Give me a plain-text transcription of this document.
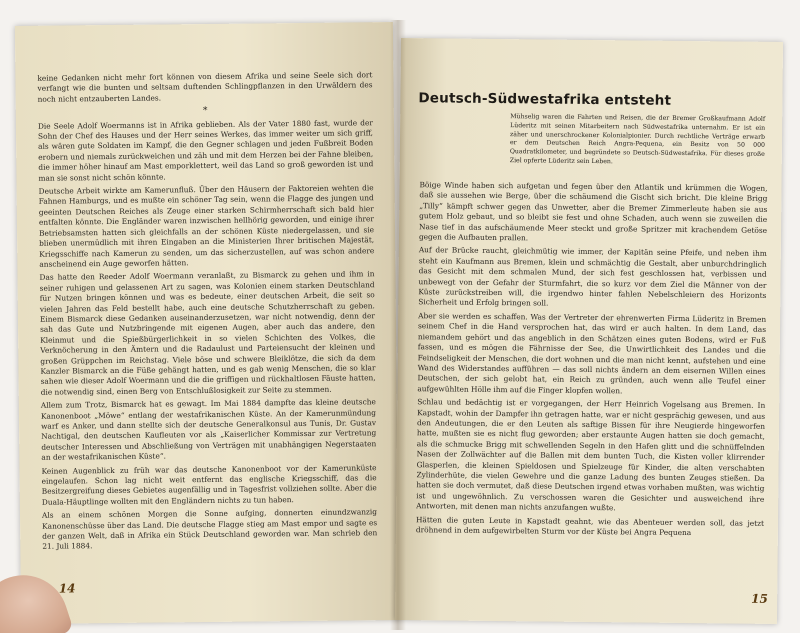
keine Gedanken nicht mehr fort können von diesem Afrika und seine Seele sich dort verfangt wie die bunten und seltsam duftenden Schlingpflanzen in den Urwäldern des noch nicht entzauberten Landes.

*

Die Seele Adolf Woermanns ist in Afrika geblieben. Als der Vater 1880 fast, wurde der Sohn der Chef des Hauses und der Herr seines Werkes, das immer weiter um sich griff, als wären gute Soldaten im Kampf, die den Gegner schlagen und jeden Fußbreit Boden erobern und niemals zurückweichen und zäh und mit dem Herzen bei der Fahne bleiben, die immer höher hinauf am Mast emporklettert, weil das Land so groß geworden ist und man sie sonst nicht schön könnte.

Deutsche Arbeit wirkte am Kamerunfluß. Über den Häusern der Faktoreien wehten die Fahnen Hamburgs, und es mußte ein schöner Tag sein, wenn die Flagge des jungen und geeinten Deutschen Reiches als Zeuge einer starken Schirmherrschaft sich bald hier entfalten könnte. Die Engländer waren inzwischen hellhörig geworden, und einige ihrer Betriebsamsten hatten sich gleichfalls an der schönen Küste niedergelassen, und sie blieben unermüdlich mit ihren Eingaben an die Ministerien Ihrer britischen Majestät, Kriegsschiffe nach Kamerun zu senden, um das sicherzustellen, auf was schon andere anscheinend ein Auge geworfen hätten.

Das hatte den Reeder Adolf Woermann veranlaßt, zu Bismarck zu gehen und ihm in seiner ruhigen und gelassenen Art zu sagen, was Kolonien einem starken Deutschland für Nutzen bringen können und was es bedeute, einer deutschen Arbeit, die seit so vielen Jahren das Feld bestellt habe, auch eine deutsche Schutzherrschaft zu geben. Einem Bismarck diese Gedanken auseinanderzusetzen, war nicht notwendig, denn der sah das Gute und Nutzbringende mit eigenen Augen, aber auch das andere, den Kleinmut und die Spießbürgerlichkeit in so vielen Schichten des Volkes, die Verknöcherung in den Ämtern und die Radaulust und Parteiensucht der kleinen und großen Grüppchen im Reichstag. Viele böse und schwere Bleiklötze, die sich da dem Kanzler Bismarck an die Füße gehängt hatten, und es gab wenig Menschen, die so klar sahen wie dieser Adolf Woermann und die die griffigen und rückhaltlosen Fäuste hatten, die notwendig sind, einen Berg von Entschlußlosigkeit zur Seite zu stemmen.

Allem zum Trotz, Bismarck hat es gewagt. Im Mai 1884 dampfte das kleine deutsche Kanonenboot „Möwe“ entlang der westafrikanischen Küste. An der Kamerunmündung warf es Anker, und dann stellte sich der deutsche Generalkonsul aus Tunis, Dr. Gustav Nachtigal, den deutschen Kaufleuten vor als „Kaiserlicher Kommissar zur Vertretung deutscher Interessen und Abschließung von Verträgen mit unabhängigen Negerstaaten an der westafrikanischen Küste“.

Keinen Augenblick zu früh war das deutsche Kanonenboot vor der Kamerunküste eingelaufen. Schon lag nicht weit entfernt das englische Kriegsschiff, das die Besitzergreifung dieses Gebietes augenfällig und in Tagesfrist vollziehen sollte. Aber die Duala-Häuptlinge wollten mit den Engländern nichts zu tun haben.

Als an einem schönen Morgen die Sonne aufging, donnerten einundzwanzig Kanonenschüsse über das Land. Die deutsche Flagge stieg am Mast empor und sagte es der ganzen Welt, daß in Afrika ein Stück Deutschland geworden war. Man schrieb den 21. Juli 1884.

14
Deutsch-Südwestafrika entsteht
Mühselig waren die Fahrten und Reisen, die der Bremer Großkaufmann Adolf Lüderitz mit seinen Mitarbeitern nach Südwestafrika unternahm. Er ist ein zäher und unerschrockener Kolonialpionier. Durch rechtliche Verträge erwarb er dem Deutschen Reich Angra-Pequena, ein Besitz von 50 000 Quadratkilometer, und begründete so Deutsch-Südwestafrika. Für dieses große Ziel opferte Lüderitz sein Leben.

Böige Winde haben sich aufgetan und fegen über den Atlantik und krümmen die Wogen, daß sie aussehen wie Berge, über die schäumend die Gischt sich bricht. Die kleine Brigg „Tilly“ kämpft schwer gegen das Unwetter, aber die Bremer Zimmerleute haben sie aus gutem Holz gebaut, und so bleibt sie fest und ohne Schaden, auch wenn sie zuweilen die Nase tief in das aufschäumende Meer steckt und große Spritzer mit krachendem Getöse gegen die Aufbauten prallen.

Auf der Brücke raucht, gleichmütig wie immer, der Kapitän seine Pfeife, und neben ihm steht ein Kaufmann aus Bremen, klein und schmächtig die Gestalt, aber unburchdringlich das Gesicht mit dem schmalen Mund, der sich fest geschlossen hat, verbissen und unbewegt von der Gefahr der Sturmfahrt, die so kurz vor dem Ziel die Männer von der Küste zurückstreiben will, die irgendwo hinter fahlen Nebelschleiern des Horizonts Sicherheit und Erfolg bringen soll.

Aber sie werden es schaffen. Was der Vertreter der ehrenwerten Firma Lüderitz in Bremen seinem Chef in die Hand versprochen hat, das wird er auch halten. In dem Land, das niemandem gehört und das angeblich in den Schätzen eines guten Bodens, wird er Fuß fassen, und es mögen die Fährnisse der See, die Unwirtlichkeit des Landes und die Feindseligkeit der Menschen, die dort wohnen und die man nicht kennt, aufstehen und eine Wand des Widerstandes aufführen — das soll nichts ändern an dem eisernen Willen eines Deutschen, der sich gelobt hat, ein Reich zu gründen, auch wenn alle Teufel einer aufgewühlten Hölle ihm auf die Finger klopfen wollen.

Schlau und bedächtig ist er vorgegangen, der Herr Heinrich Vogelsang aus Bremen. In Kapstadt, wohin der Dampfer ihn getragen hatte, war er nicht gesprächig gewesen, und aus den Andeutungen, die er den Leuten als saftige Bissen für ihre Neugierde hingeworfen hatte, mußten sie es nicht flug geworden; aber erstaunte Augen hatten sie doch gemacht, als die schmucke Brigg mit schwellenden Segeln in den Hafen glitt und die schnüffelnden Nasen der Zollwächter auf die Ballen mit dem bunten Tuch, die Kisten voller klirrender Glasperlen, die kleinen Spieldosen und Spielzeuge für Kinder, die alten verschabten Zylinderhüte, die vielen Gewehre und die ganze Ladung des bunten Zeuges stießen. Da hatten sie doch vermutet, daß diese Deutschen irgend etwas vorhaben mußten, was wichtig ist und ungewöhnlich. Zu verschossen waren die Gesichter und ausweichend ihre Antworten, mit denen man nichts anzufangen wußte.

Hätten die guten Leute in Kapstadt geahnt, wie das Abenteuer werden soll, das jetzt dröhnend in dem aufgewirbelten Sturm vor der Küste bei Angra Pequena

15
